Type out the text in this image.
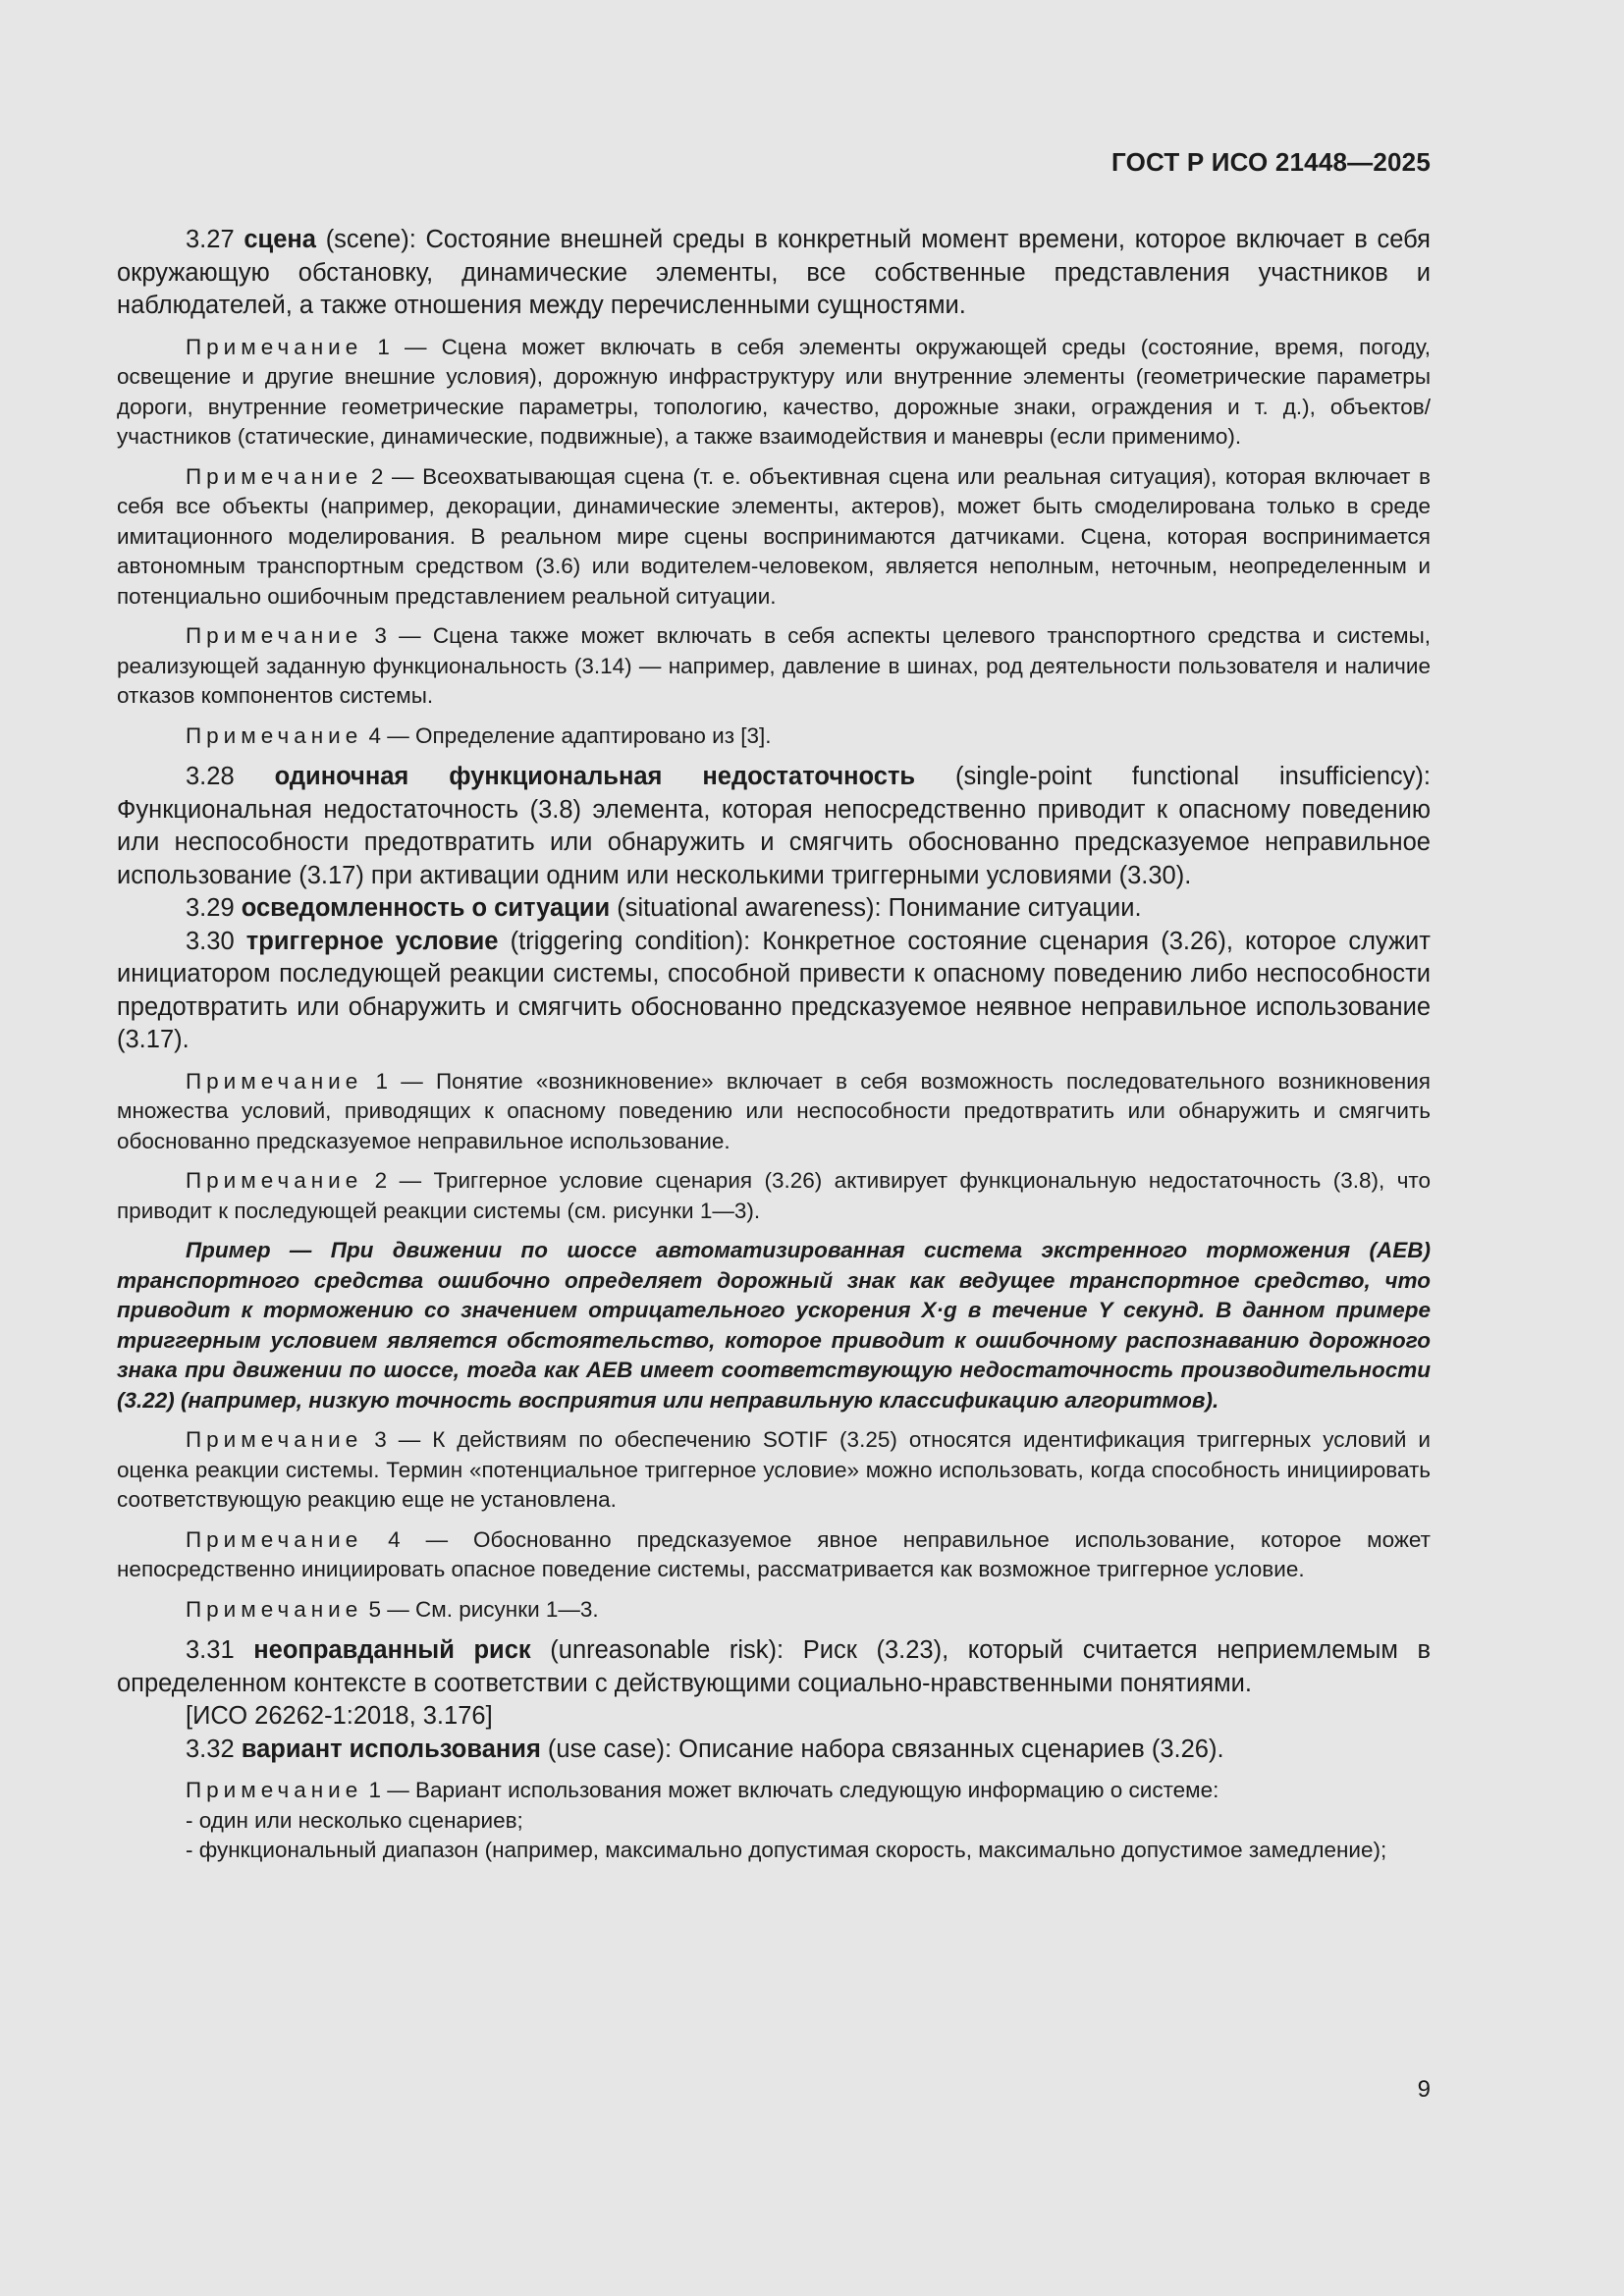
ГОСТ Р ИСО 21448—2025

3.27 сцена (scene): Состояние внешней среды в конкретный момент времени, которое включает в себя окружающую обстановку, динамические элементы, все собственные представления участников и наблюдателей, а также отношения между перечисленными сущностями.

Примечание 1 — Сцена может включать в себя элементы окружающей среды (состояние, время, погоду, освещение и другие внешние условия), дорожную инфраструктуру или внутренние элементы (геометрические параметры дороги, внутренние геометрические параметры, топологию, качество, дорожные знаки, ограждения и т. д.), объектов/участников (статические, динамические, подвижные), а также взаимодействия и маневры (если применимо).

Примечание 2 — Всеохватывающая сцена (т. е. объективная сцена или реальная ситуация), которая включает в себя все объекты (например, декорации, динамические элементы, актеров), может быть смоделирована только в среде имитационного моделирования. В реальном мире сцены воспринимаются датчиками. Сцена, которая воспринимается автономным транспортным средством (3.6) или водителем-человеком, является неполным, неточным, неопределенным и потенциально ошибочным представлением реальной ситуации.

Примечание 3 — Сцена также может включать в себя аспекты целевого транспортного средства и системы, реализующей заданную функциональность (3.14) — например, давление в шинах, род деятельности пользователя и наличие отказов компонентов системы.

Примечание 4 — Определение адаптировано из [3].

3.28 одиночная функциональная недостаточность (single-point functional insufficiency): Функциональная недостаточность (3.8) элемента, которая непосредственно приводит к опасному поведению или неспособности предотвратить или обнаружить и смягчить обоснованно предсказуемое неправильное использование (3.17) при активации одним или несколькими триггерными условиями (3.30).

3.29 осведомленность о ситуации (situational awareness): Понимание ситуации.

3.30 триггерное условие (triggering condition): Конкретное состояние сценария (3.26), которое служит инициатором последующей реакции системы, способной привести к опасному поведению либо неспособности предотвратить или обнаружить и смягчить обоснованно предсказуемое неявное неправильное использование (3.17).

Примечание 1 — Понятие «возникновение» включает в себя возможность последовательного возникновения множества условий, приводящих к опасному поведению или неспособности предотвратить или обнаружить и смягчить обоснованно предсказуемое неправильное использование.

Примечание 2 — Триггерное условие сценария (3.26) активирует функциональную недостаточность (3.8), что приводит к последующей реакции системы (см. рисунки 1—3).

Пример — При движении по шоссе автоматизированная система экстренного торможения (AEB) транспортного средства ошибочно определяет дорожный знак как ведущее транспортное средство, что приводит к торможению со значением отрицательного ускорения X·g в течение Y секунд. В данном примере триггерным условием является обстоятельство, которое приводит к ошибочному распознаванию дорожного знака при движении по шоссе, тогда как AEB имеет соответствующую недостаточность производительности (3.22) (например, низкую точность восприятия или неправильную классификацию алгоритмов).

Примечание 3 — К действиям по обеспечению SOTIF (3.25) относятся идентификация триггерных условий и оценка реакции системы. Термин «потенциальное триггерное условие» можно использовать, когда способность инициировать соответствующую реакцию еще не установлена.

Примечание 4 — Обоснованно предсказуемое явное неправильное использование, которое может непосредственно инициировать опасное поведение системы, рассматривается как возможное триггерное условие.

Примечание 5 — См. рисунки 1—3.

3.31 неоправданный риск (unreasonable risk): Риск (3.23), который считается неприемлемым в определенном контексте в соответствии с действующими социально-нравственными понятиями.

[ИСО 26262-1:2018, 3.176]

3.32 вариант использования (use case): Описание набора связанных сценариев (3.26).

Примечание 1 — Вариант использования может включать следующую информацию о системе:

- один или несколько сценариев;

- функциональный диапазон (например, максимально допустимая скорость, максимально допустимое замедление);

9
